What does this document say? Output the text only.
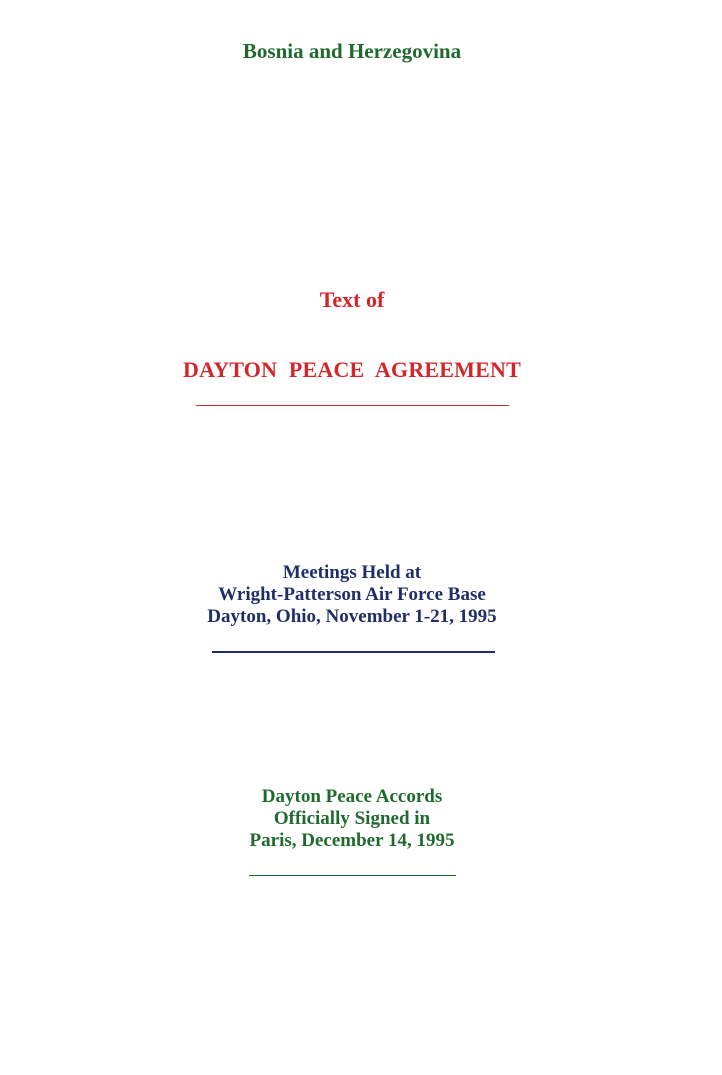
Bosnia and Herzegovina
Text of
DAYTON PEACE AGREEMENT
Meetings Held at
Wright-Patterson Air Force Base
Dayton, Ohio, November 1-21, 1995
Dayton Peace Accords
Officially Signed in
Paris, December 14, 1995
